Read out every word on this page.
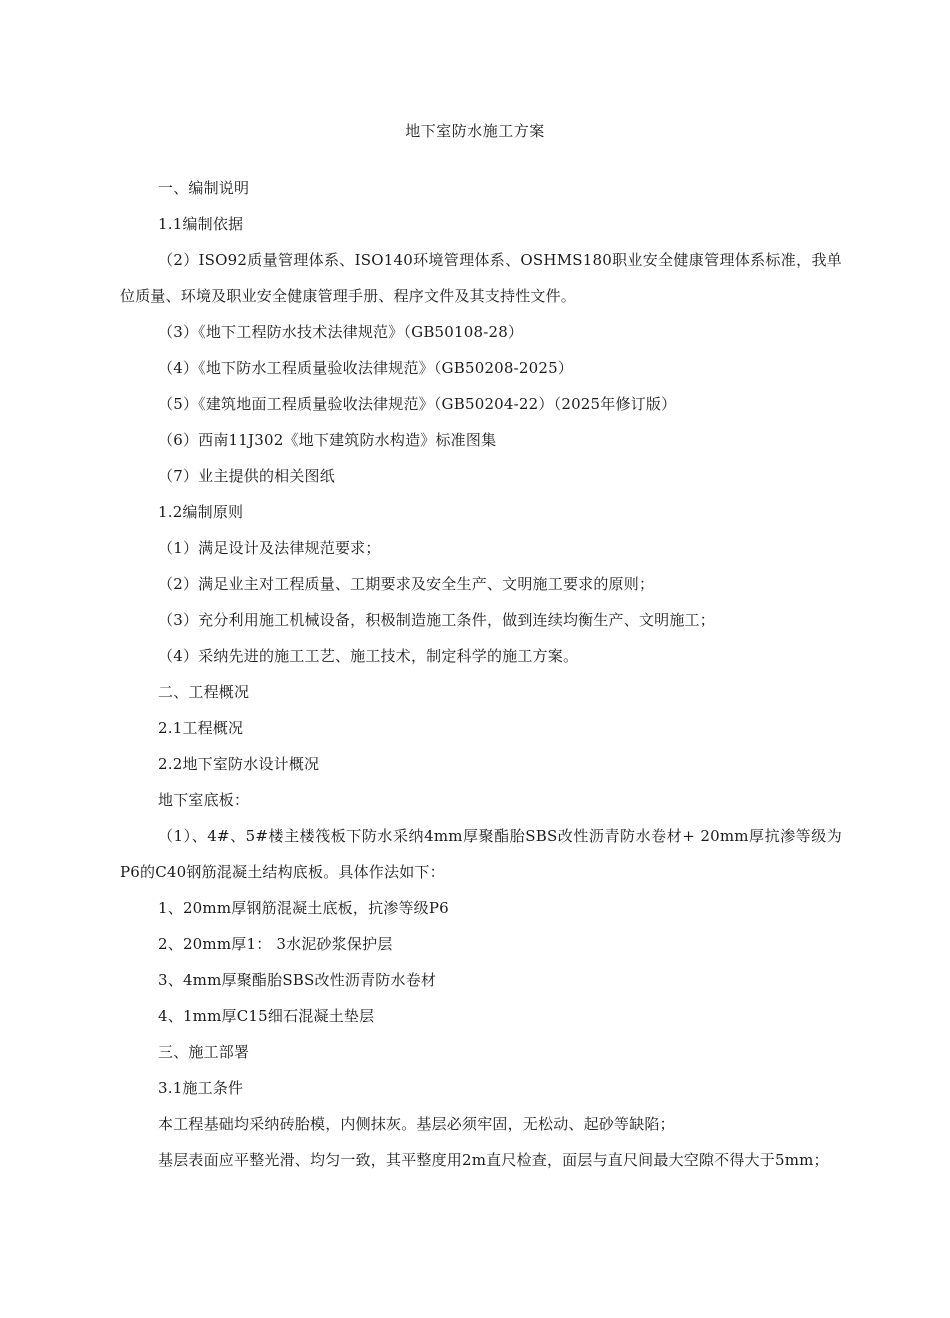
地下室防水施工方案

一、编制说明

1.1编制依据

（2）ISO92质量管理体系、ISO140环境管理体系、OSHMS180职业安全健康管理体系标准，我单位质量、环境及职业安全健康管理手册、程序文件及其支持性文件。

（3）《地下工程防水技术法律规范》（GB50108-28）

（4）《地下防水工程质量验收法律规范》（GB50208-2025）

（5）《建筑地面工程质量验收法律规范》（GB50204-22）（2025年修订版）

（6）西南11J302《地下建筑防水构造》标准图集

（7）业主提供的相关图纸

1.2编制原则

（1）满足设计及法律规范要求；

（2）满足业主对工程质量、工期要求及安全生产、文明施工要求的原则；

（3）充分利用施工机械设备，积极制造施工条件，做到连续均衡生产、文明施工；

（4）采纳先进的施工工艺、施工技术，制定科学的施工方案。

二、工程概况

2.1工程概况

2.2地下室防水设计概况

地下室底板：

（1）、4#、5#楼主楼筏板下防水采纳4mm厚聚酯胎SBS改性沥青防水卷材+ 20mm厚抗渗等级为P6的C40钢筋混凝土结构底板。具体作法如下：

1、20mm厚钢筋混凝土底板，抗渗等级P6

2、20mm厚1： 3水泥砂浆保护层

3、4mm厚聚酯胎SBS改性沥青防水卷材

4、1mm厚C15细石混凝土垫层

三、施工部署

3.1施工条件

本工程基础均采纳砖胎模，内侧抹灰。基层必须牢固，无松动、起砂等缺陷；

基层表面应平整光滑、均匀一致，其平整度用2m直尺检查，面层与直尺间最大空隙不得大于5mm；
